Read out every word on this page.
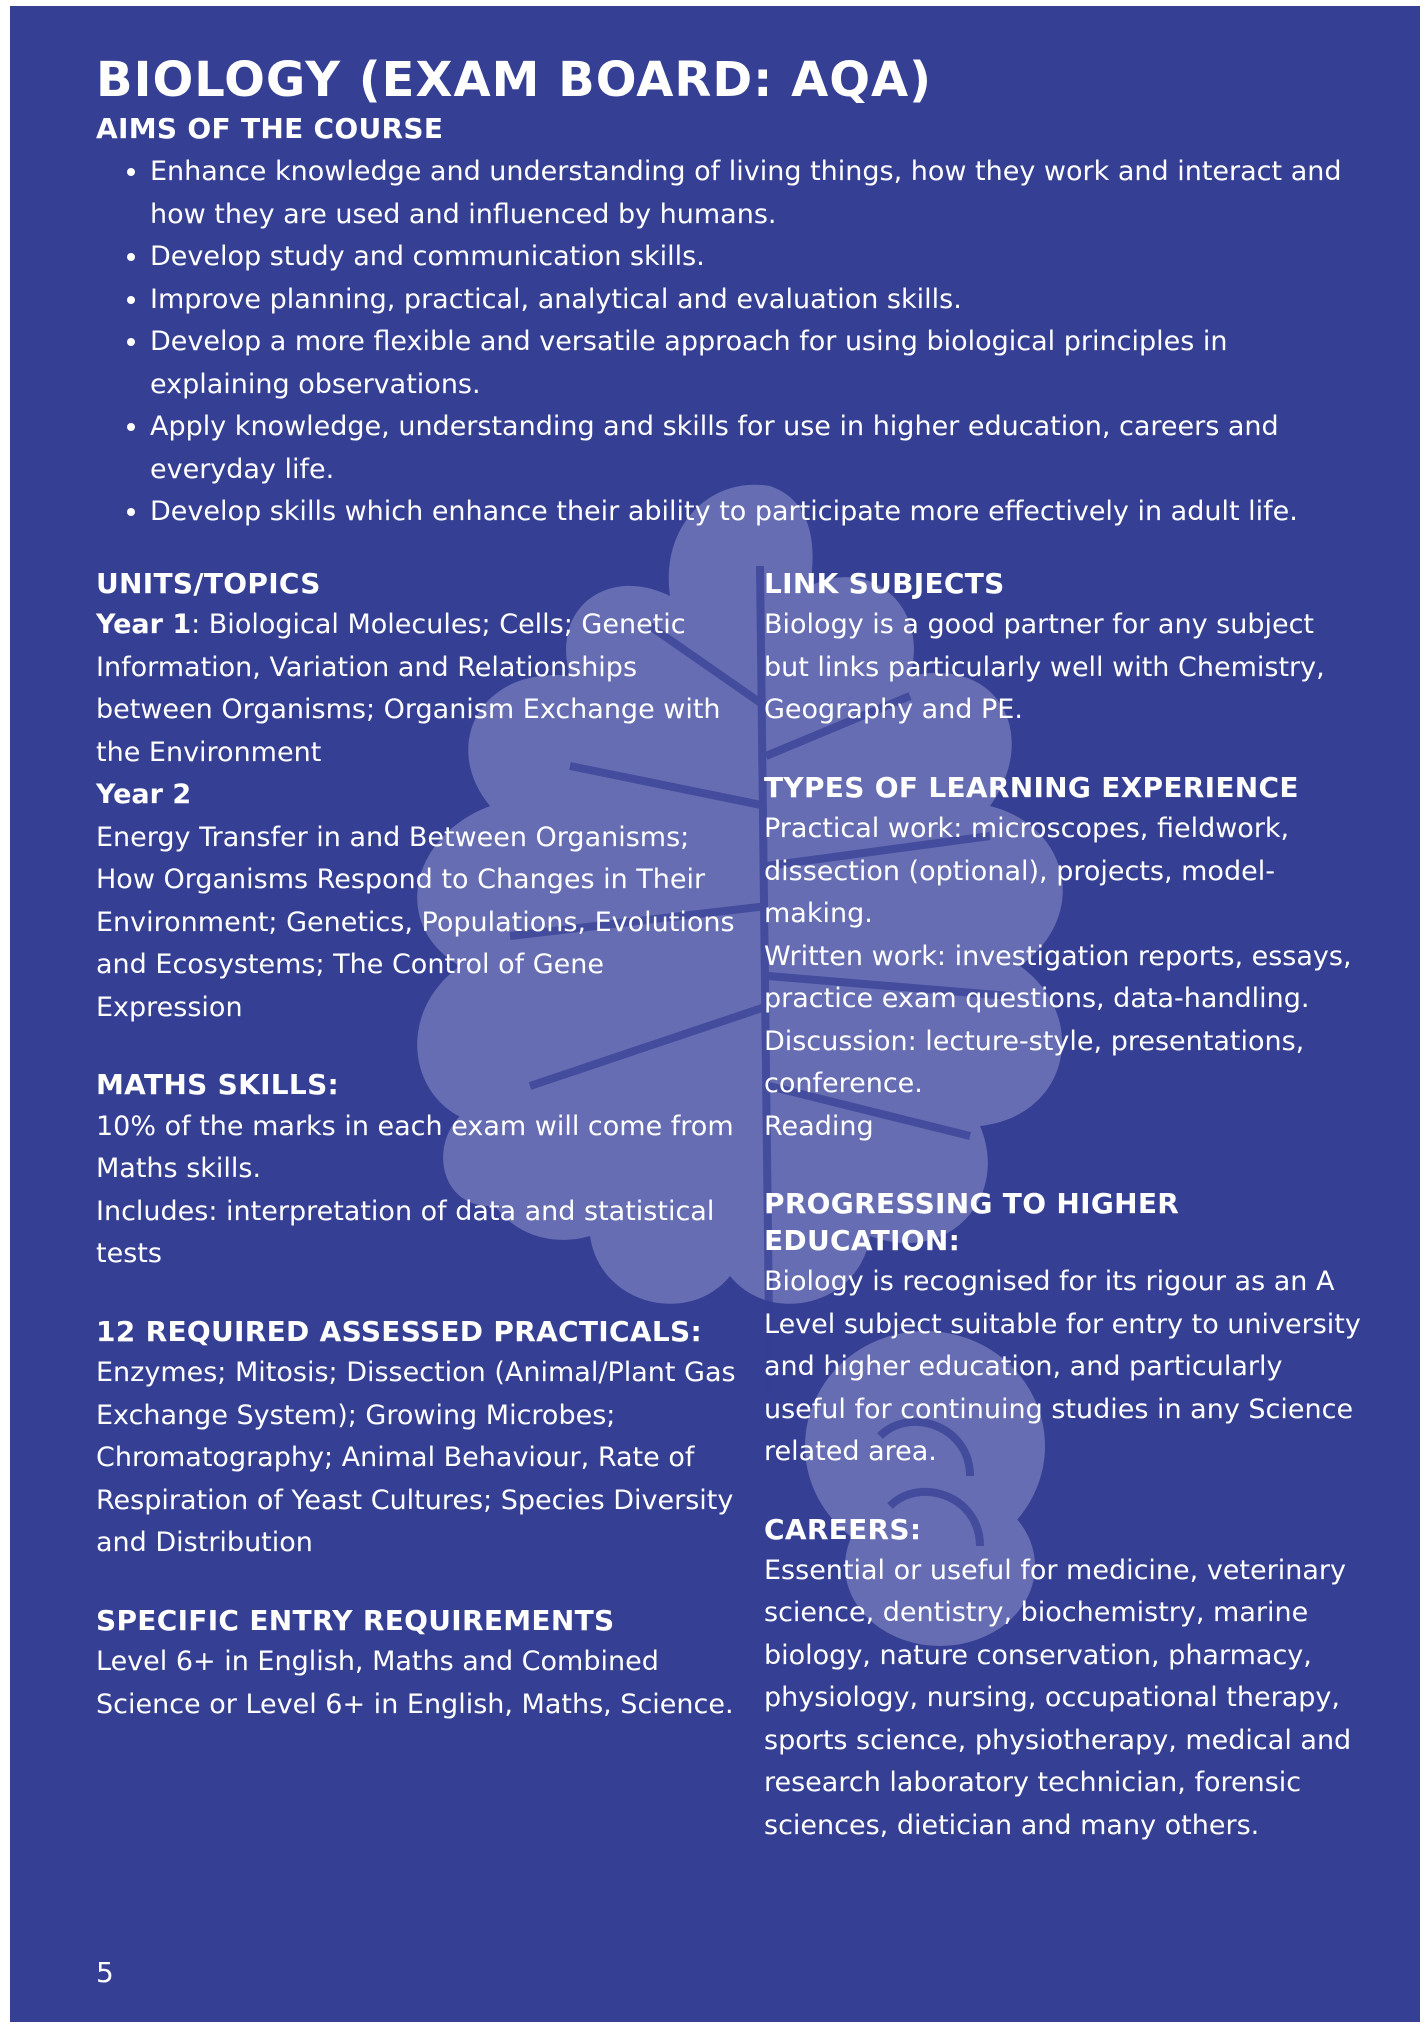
BIOLOGY (EXAM BOARD: AQA)
AIMS OF THE COURSE
• Enhance knowledge and understanding of living things, how they work and interact and how they are used and influenced by humans.
• Develop study and communication skills.
• Improve planning, practical, analytical and evaluation skills.
• Develop a more flexible and versatile approach for using biological principles in explaining observations.
• Apply knowledge, understanding and skills for use in higher education, careers and everyday life.
• Develop skills which enhance their ability to participate more effectively in adult life.
UNITS/TOPICS

Year 1: Biological Molecules; Cells; Genetic Information, Variation and Relationships between Organisms; Organism Exchange with the Environment

Year 2

Energy Transfer in and Between Organisms; How Organisms Respond to Changes in Their Environment; Genetics, Populations, Evolutions and Ecosystems; The Control of Gene Expression

MATHS SKILLS:

10% of the marks in each exam will come from Maths skills.

Includes: interpretation of data and statistical tests

12 REQUIRED ASSESSED PRACTICALS:

Enzymes; Mitosis; Dissection (Animal/Plant Gas Exchange System); Growing Microbes; Chromatography; Animal Behaviour, Rate of Respiration of Yeast Cultures; Species Diversity and Distribution

SPECIFIC ENTRY REQUIREMENTS

Level 6+ in English, Maths and Combined Science or Level 6+ in English, Maths, Science.

LINK SUBJECTS

Biology is a good partner for any subject but links particularly well with Chemistry, Geography and PE.

TYPES OF LEARNING EXPERIENCE

Practical work: microscopes, fieldwork, dissection (optional), projects, model-making.

Written work: investigation reports, essays, practice exam questions, data-handling.

Discussion: lecture-style, presentations, conference.

Reading

PROGRESSING TO HIGHER EDUCATION:

Biology is recognised for its rigour as an A Level subject suitable for entry to university and higher education, and particularly useful for continuing studies in any Science related area.

CAREERS:

Essential or useful for medicine, veterinary science, dentistry, biochemistry, marine biology, nature conservation, pharmacy, physiology, nursing, occupational therapy, sports science, physiotherapy, medical and research laboratory technician, forensic sciences, dietician and many others.

5
